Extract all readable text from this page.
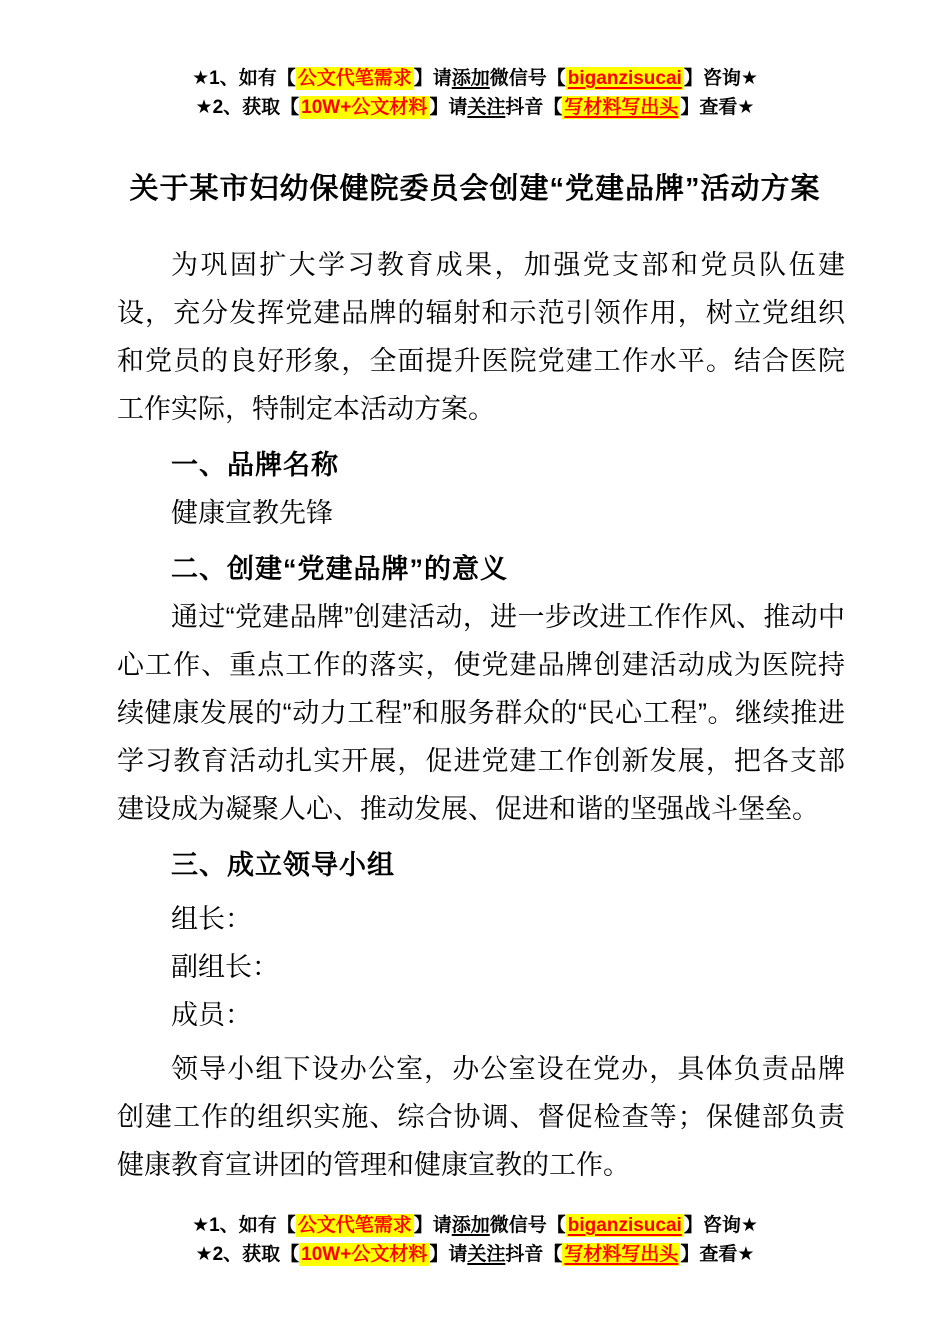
★1、如有【 公文代笔需求 】请添加微信号【 biganzisucai 】咨询★
★2、获取【 10W+公文材料 】请关注抖音【 写材料写出头 】查看★
关于某市妇幼保健院委员会创建“党建品牌”活动方案

为巩固扩大学习教育成果，加强党支部和党员队伍建设，充分发挥党建品牌的辐射和示范引领作用，树立党组织和党员的良好形象，全面提升医院党建工作水平。结合医院工作实际，特制定本活动方案。

一、品牌名称

健康宣教先锋

二、创建“党建品牌”的意义

通过“党建品牌”创建活动，进一步改进工作作风、推动中心工作、重点工作的落实，使党建品牌创建活动成为医院持续健康发展的“动力工程”和服务群众的“民心工程”。继续推进学习教育活动扎实开展，促进党建工作创新发展，把各支部建设成为凝聚人心、推动发展、促进和谐的坚强战斗堡垒。

三、成立领导小组

组长：

副组长：

成员：

领导小组下设办公室，办公室设在党办，具体负责品牌创建工作的组织实施、综合协调、督促检查等；保健部负责健康教育宣讲团的管理和健康宣教的工作。

★1、如有【 公文代笔需求 】请添加微信号【 biganzisucai 】咨询★
★2、获取【 10W+公文材料 】请关注抖音【 写材料写出头 】查看★
